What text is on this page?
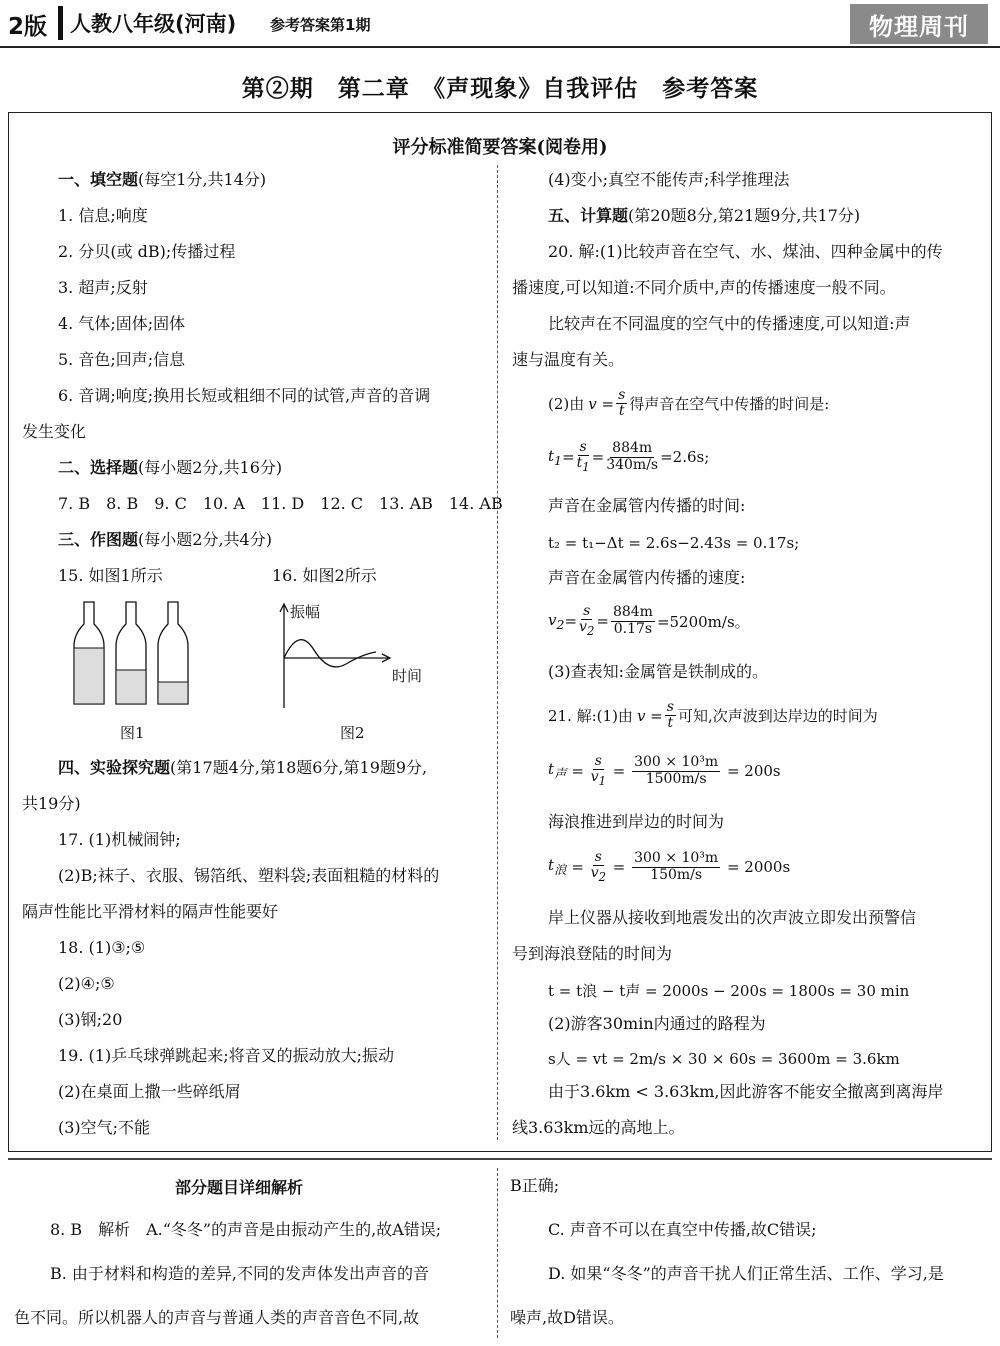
2版 人教八年级(河南) 参考答案第1期	物理周刊
第②期　第二章　《声现象》自我评估　参考答案
评分标准简要答案(阅卷用)
一、填空题(每空1分,共14分)
1. 信息;响度
2. 分贝(或 dB);传播过程
3. 超声;反射
4. 气体;固体;固体
5. 音色;回声;信息
6. 音调;响度;换用长短或粗细不同的试管,声音的音调
发生变化
二、选择题(每小题2分,共16分)
7. B　8. B　9. C　10. A　11. D　12. C　13. AB　14. AB
三、作图题(每小题2分,共4分)
15. 如图1所示	16. 如图2所示
图1
振幅
时间
图2
四、实验探究题(第17题4分,第18题6分,第19题9分,
共19分)
17. (1)机械闹钟;
(2)B;袜子、衣服、锡箔纸、塑料袋;表面粗糙的材料的
隔声性能比平滑材料的隔声性能要好
18. (1)③;⑤
(2)④;⑤
(3)钢;20
19. (1)乒乓球弹跳起来;将音叉的振动放大;振动
(2)在桌面上撒一些碎纸屑
(3)空气;不能
(4)变小;真空不能传声;科学推理法
五、计算题(第20题8分,第21题9分,共17分)
20. 解:(1)比较声音在空气、水、煤油、四种金属中的传
播速度,可以知道:不同介质中,声的传播速度一般不同。
比较声在不同温度的空气中的传播速度,可以知道:声
速与温度有关。
(2)由 $v = \frac{s}{t}$ 得声音在空气中传播的时间是:
$t_1 = \frac{s}{t_1} = \frac{884m}{340m/s} =2.6s$;
声音在金属管内传播的时间:
t₂ = t₁−Δt = 2.6s−2.43s = 0.17s;
声音在金属管内传播的速度:
$v_2 = \frac{s}{v_2} = \frac{884m}{0.17s} =5200m/s$。
(3)查表知:金属管是铁制成的。
21. 解:(1)由 $v = \frac{s}{t}$ 可知,次声波到达岸边的时间为
$t_声 = \frac{s}{v_1} = \frac{\text{300 × 10³m}}{1500m/s}$
= 200s
海浪推进到岸边的时间为
$t_浪 = \frac{s}{v_2} = \frac{\text{300 × 10³m}}{150m/s}$
= 2000s
岸上仪器从接收到地震发出的次声波立即发出预警信
号到海浪登陆的时间为
t = t浪 − t声 = 2000s − 200s = 1800s = 30 min
(2)游客30min内通过的路程为
s人 = vt = 2m/s × 30 × 60s = 3600m = 3.6km
由于3.6km < 3.63km,因此游客不能安全撤离到离海岸
线3.63km远的高地上。
部分题目详细解析
8. B　解析　A.“冬冬”的声音是由振动产生的,故A错误;
B. 由于材料和构造的差异,不同的发声体发出声音的音
色不同。所以机器人的声音与普通人类的声音音色不同,故
B正确;
C. 声音不可以在真空中传播,故C错误;
D. 如果“冬冬”的声音干扰人们正常生活、工作、学习,是
噪声,故D错误。
